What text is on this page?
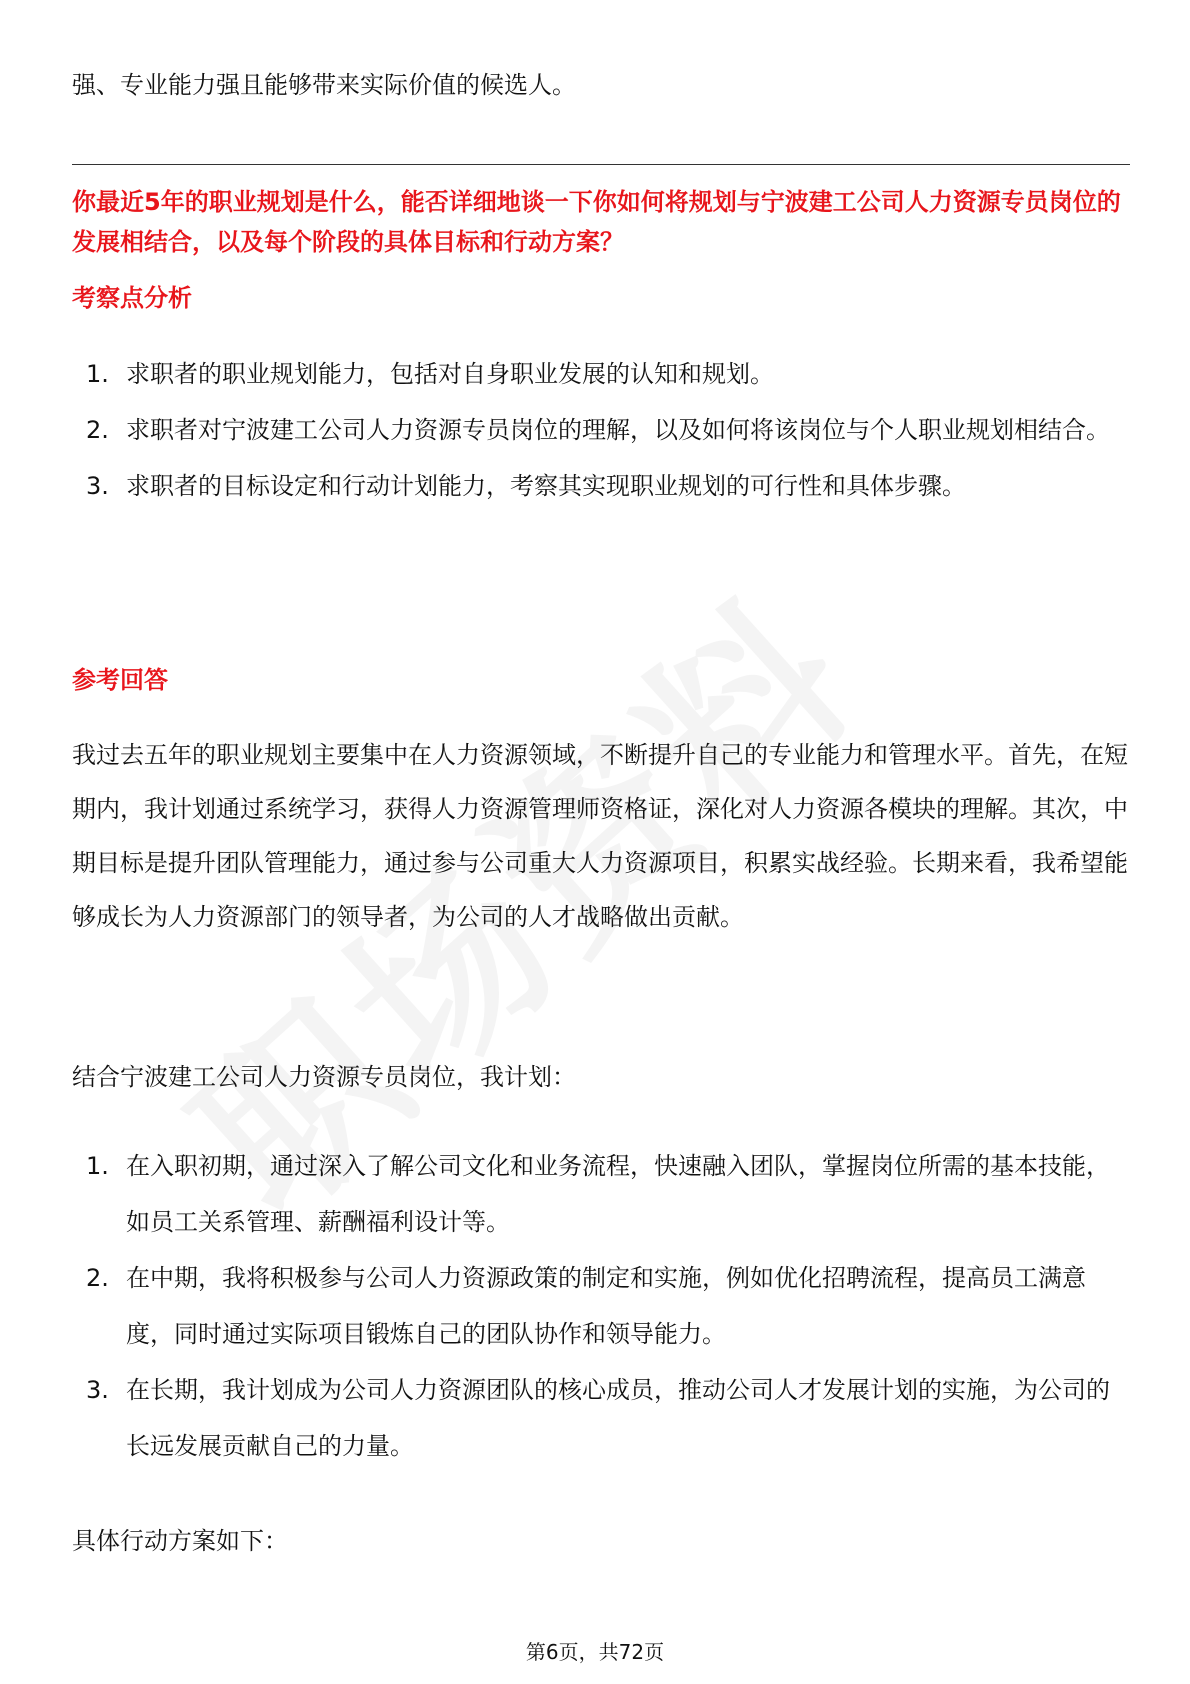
强、专业能力强且能够带来实际价值的候选人。

你最近5年的职业规划是什么，能否详细地谈一下你如何将规划与宁波建工公司人力资源专员岗位的发展相结合，以及每个阶段的具体目标和行动方案？

考察点分析
1. 求职者的职业规划能力，包括对自身职业发展的认知和规划。
2. 求职者对宁波建工公司人力资源专员岗位的理解，以及如何将该岗位与个人职业规划相结合。
3. 求职者的目标设定和行动计划能力，考察其实现职业规划的可行性和具体步骤。
参考回答

我过去五年的职业规划主要集中在人力资源领域，不断提升自己的专业能力和管理水平。首先，在短期内，我计划通过系统学习，获得人力资源管理师资格证，深化对人力资源各模块的理解。其次，中期目标是提升团队管理能力，通过参与公司重大人力资源项目，积累实战经验。长期来看，我希望能够成长为人力资源部门的领导者，为公司的人才战略做出贡献。

结合宁波建工公司人力资源专员岗位，我计划：

1. 在入职初期，通过深入了解公司文化和业务流程，快速融入团队，掌握岗位所需的基本技能，如员工关系管理、薪酬福利设计等。
2. 在中期，我将积极参与公司人力资源政策的制定和实施，例如优化招聘流程，提高员工满意度，同时通过实际项目锻炼自己的团队协作和领导能力。
3. 在长期，我计划成为公司人力资源团队的核心成员，推动公司人才发展计划的实施，为公司的长远发展贡献自己的力量。

具体行动方案如下：

第6页，共72页
